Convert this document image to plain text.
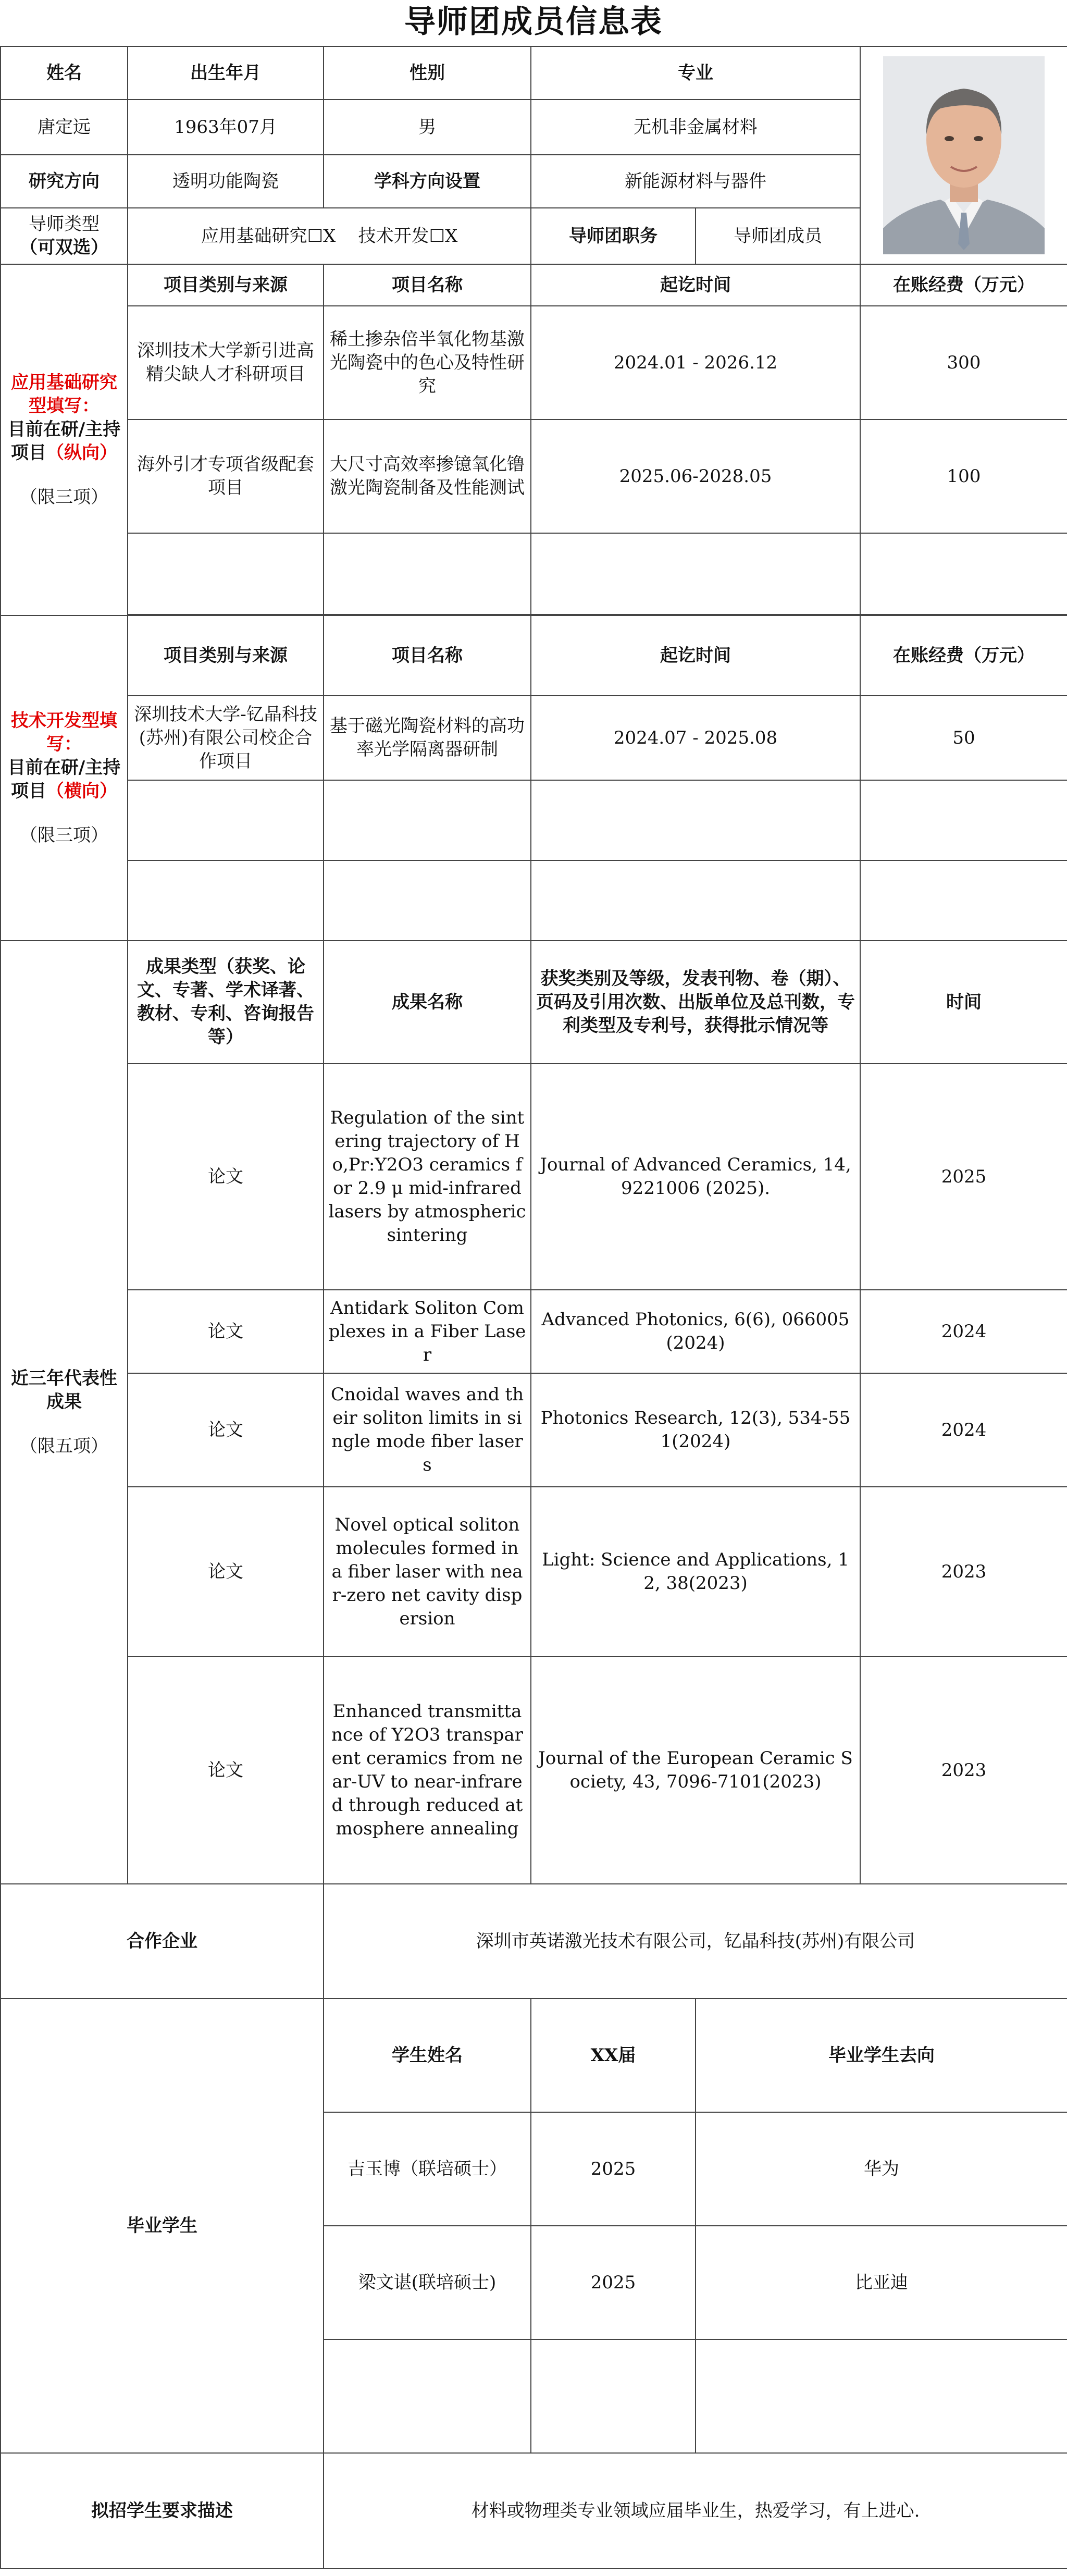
导师团成员信息表
姓名	出生年月	性别	专业	

唐定远	1963年07月	男	无机非金属材料		
研究方向	透明功能陶瓷	学科方向设置	新能源材料与器件		

导师类型
（可双选）	应用基础研究☐X    技术开发☐X		导师团职务	导师团成员	

应用基础研究型填写：
目前在研/主持项目（纵向）
（限三项）	项目类别与来源	项目名称	起讫时间		在账经费（万元）
	深圳技术大学新引进高精尖缺人才科研项目	稀土掺杂倍半氧化物基激光陶瓷中的色心及特性研究	2024.01 - 2026.12		300
	海外引才专项省级配套项目	大尺寸高效率掺镱氧化镥激光陶瓷制备及性能测试	2025.06-2028.05		100

技术开发型填写：
目前在研/主持项目（横向）
（限三项）	项目类别与来源	项目名称	起讫时间		在账经费（万元）
	深圳技术大学-钇晶科技(苏州)有限公司校企合作项目	基于磁光陶瓷材料的高功率光学隔离器研制	2024.07 - 2025.08		50

近三年代表性成果
（限五项）	成果类型（获奖、论文、专著、学术译著、教材、专利、咨询报告等）	成果名称	获奖类别及等级，发表刊物、卷（期）、页码及引用次数、出版单位及总刊数，专利类型及专利号，获得批示情况等		时间
	论文	Regulation of the sintering trajectory of Ho,Pr:Y2O3 ceramics for 2.9 μ mid-infrared lasers by atmospheric sintering	Journal of Advanced Ceramics, 14, 9221006 (2025).		2025
	论文	Antidark Soliton Complexes in a Fiber Laser	Advanced Photonics, 6(6), 066005(2024)		2024
	论文	Cnoidal waves and their soliton limits in single mode fiber lasers	Photonics Research, 12(3), 534-551(2024)		2024
	论文	Novel optical soliton molecules formed in a fiber laser with near-zero net cavity dispersion	Light: Science and Applications, 12, 38(2023)		2023
	论文	Enhanced transmittance of Y2O3 transparent ceramics from near-UV to near-infrared through reduced atmosphere annealing	Journal of the European Ceramic Society, 43, 7096-7101(2023)		2023
合作企业		深圳市英诺激光技术有限公司，钇晶科技(苏州)有限公司			
毕业学生		学生姓名	XX届	毕业学生去向	
		吉玉博（联培硕士）	2025	华为	
		梁文谌(联培硕士)	2025	比亚迪	

拟招学生要求描述		材料或物理类专业领域应届毕业生，热爱学习，有上进心.			
